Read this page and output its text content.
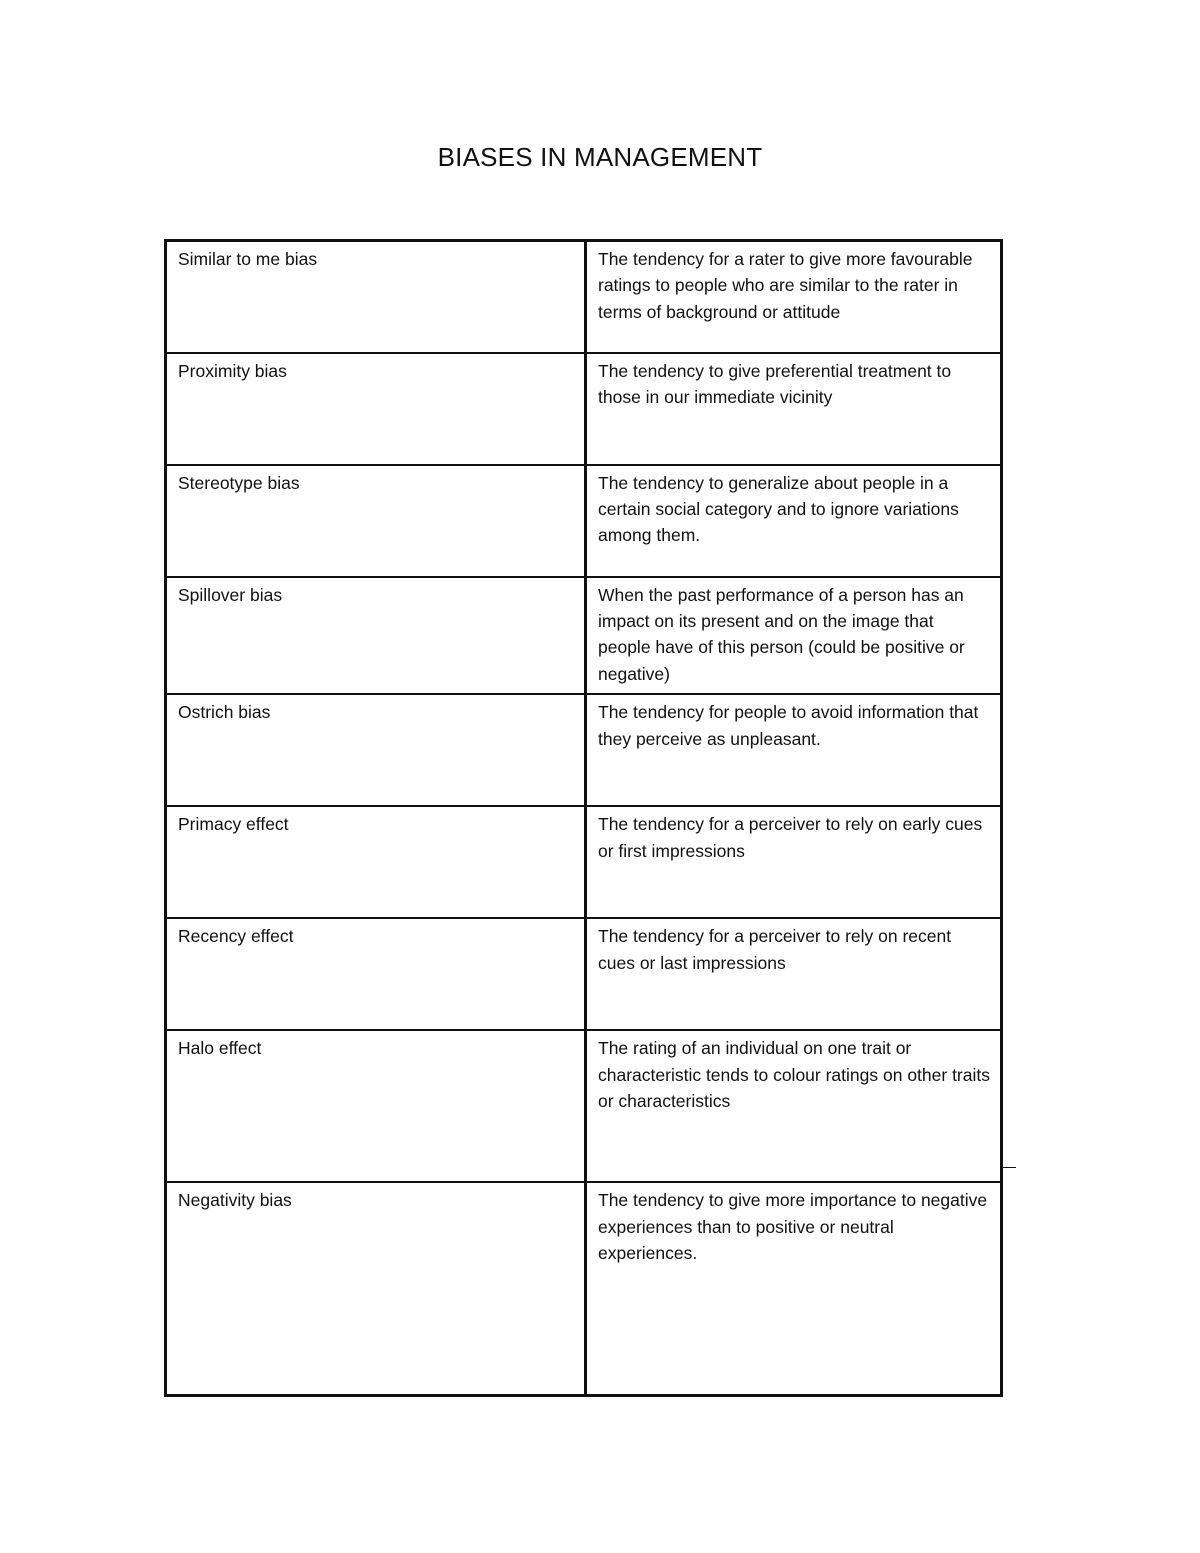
BIASES IN MANAGEMENT
Similar to me bias	The tendency for a rater to give more favourable ratings to people who are similar to the rater in terms of background or attitude
Proximity bias	The tendency to give preferential treatment to those in our immediate vicinity
Stereotype bias	The tendency to generalize about people in a certain social category and to ignore variations among them.
Spillover bias	When the past performance of a person has an impact on its present and on the image that people have of this person (could be positive or negative)
Ostrich bias	The tendency for people to avoid information that they perceive as unpleasant.
Primacy effect	The tendency for a perceiver to rely on early cues or first impressions
Recency effect	The tendency for a perceiver to rely on recent cues or last impressions
Halo effect	The rating of an individual on one trait or characteristic tends to colour ratings on other traits or characteristics
Negativity bias	The tendency to give more importance to negative experiences than to positive or neutral experiences.
